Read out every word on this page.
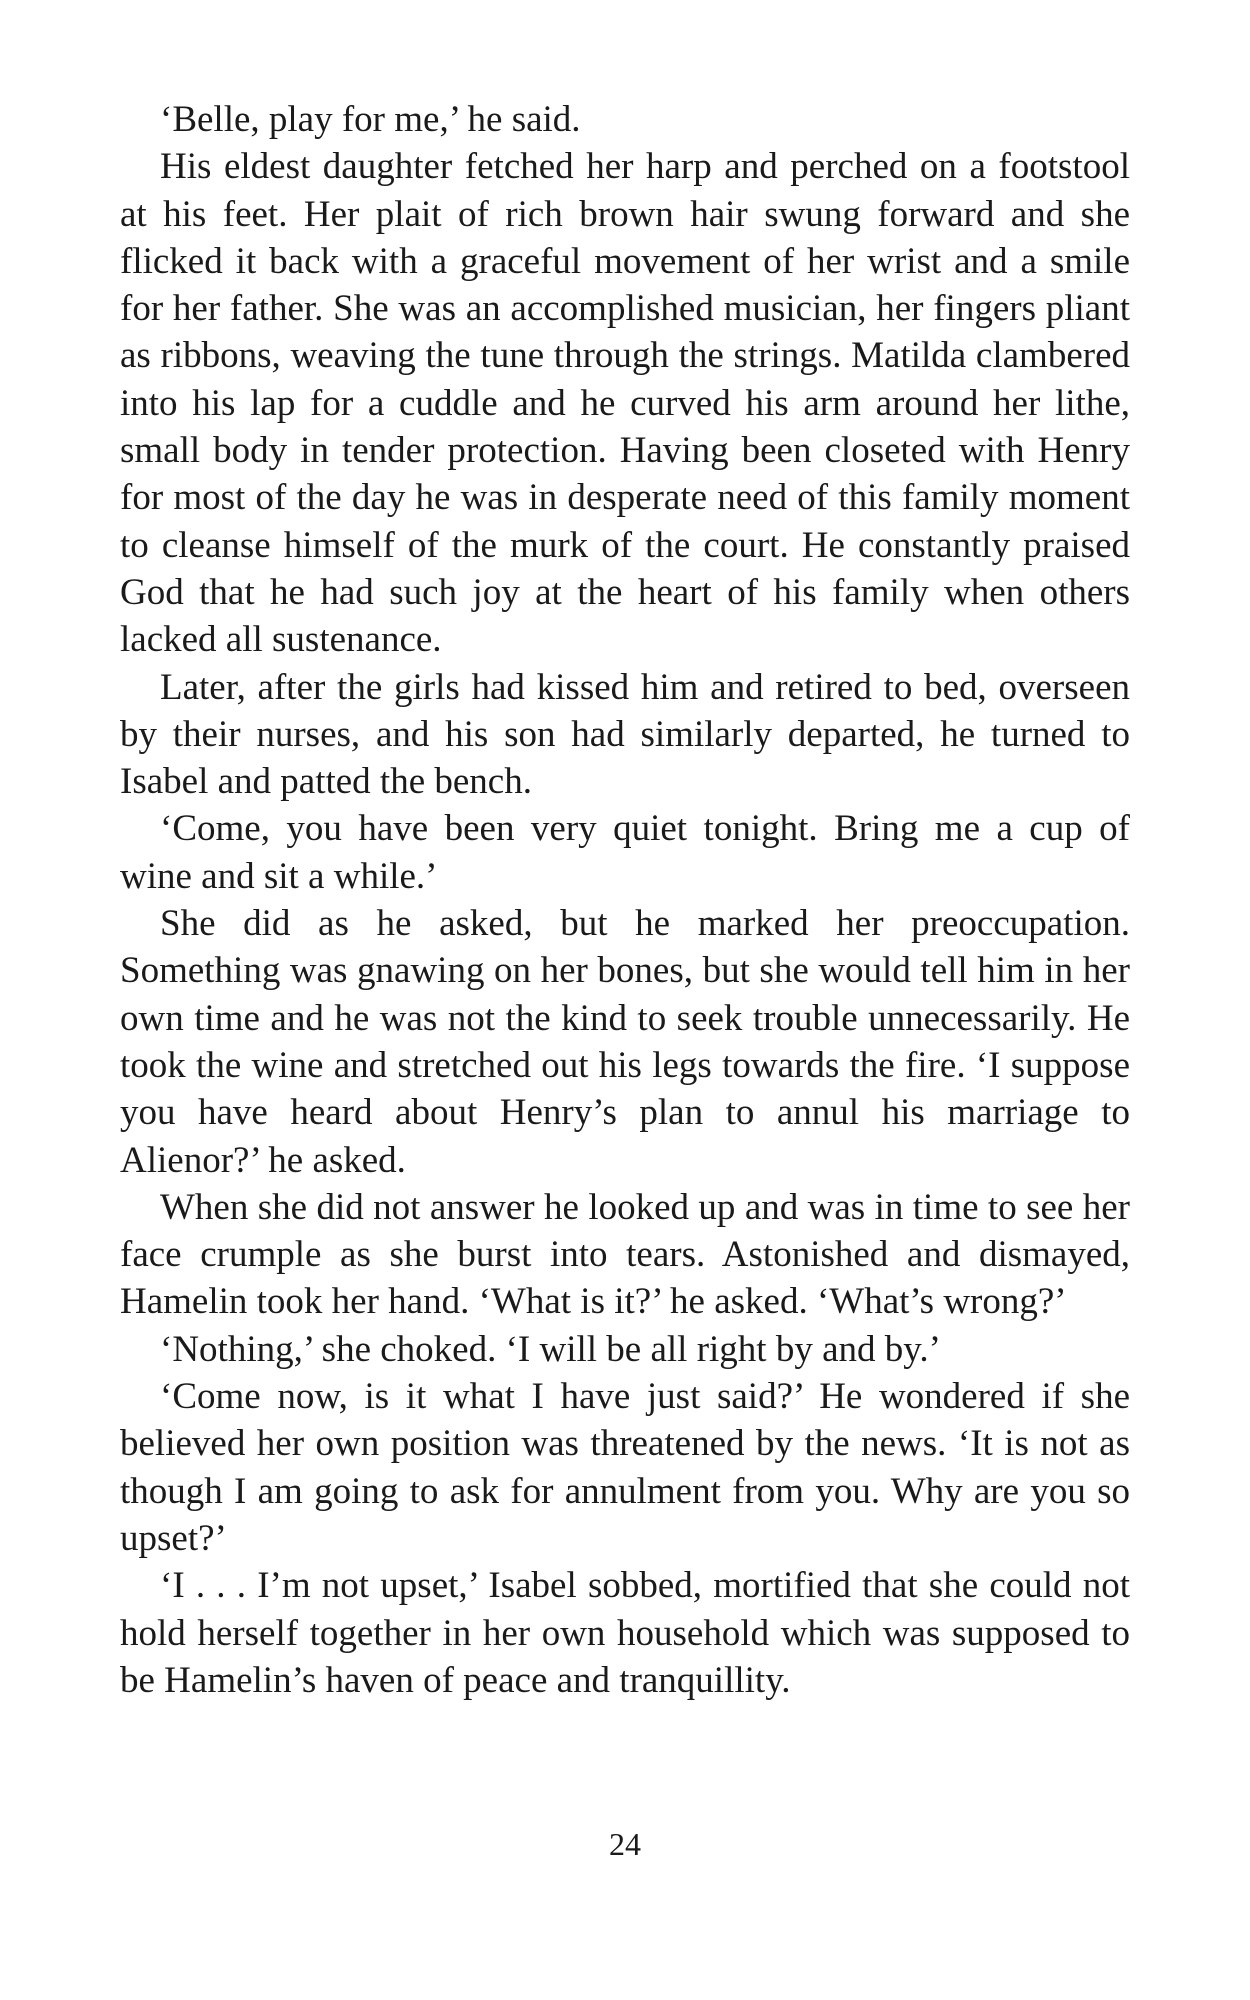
‘Belle, play for me,’ he said.

His eldest daughter fetched her harp and perched on a footstool at his feet. Her plait of rich brown hair swung forward and she flicked it back with a graceful movement of her wrist and a smile for her father. She was an accomplished musician, her fingers pliant as ribbons, weaving the tune through the strings. Matilda clambered into his lap for a cuddle and he curved his arm around her lithe, small body in tender protection. Having been closeted with Henry for most of the day he was in desperate need of this family moment to cleanse himself of the murk of the court. He constantly praised God that he had such joy at the heart of his family when others lacked all sustenance.

Later, after the girls had kissed him and retired to bed, overseen by their nurses, and his son had similarly departed, he turned to Isabel and patted the bench.

‘Come, you have been very quiet tonight. Bring me a cup of wine and sit a while.’

She did as he asked, but he marked her preoccupation. Something was gnawing on her bones, but she would tell him in her own time and he was not the kind to seek trouble unnecessarily. He took the wine and stretched out his legs towards the fire. ‘I suppose you have heard about Henry’s plan to annul his marriage to Alienor?’ he asked.

When she did not answer he looked up and was in time to see her face crumple as she burst into tears. Astonished and dismayed, Hamelin took her hand. ‘What is it?’ he asked. ‘What’s wrong?’

‘Nothing,’ she choked. ‘I will be all right by and by.’

‘Come now, is it what I have just said?’ He wondered if she believed her own position was threatened by the news. ‘It is not as though I am going to ask for annulment from you. Why are you so upset?’

‘I . . . I’m not upset,’ Isabel sobbed, mortified that she could not hold herself together in her own household which was supposed to be Hamelin’s haven of peace and tranquillity.

24
